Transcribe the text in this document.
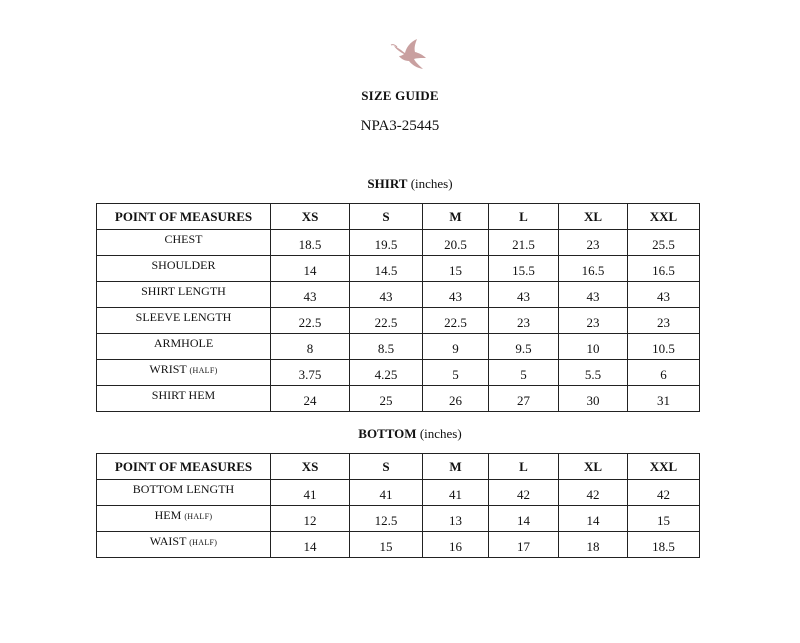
SIZE GUIDE
NPA3-25445
SHIRT (inches)
POINT OF MEASURES	XS	S	M	L	XL	XXL
CHEST	18.5	19.5	20.5	21.5	23	25.5
SHOULDER	14	14.5	15	15.5	16.5	16.5
SHIRT LENGTH	43	43	43	43	43	43
SLEEVE LENGTH	22.5	22.5	22.5	23	23	23
ARMHOLE	8	8.5	9	9.5	10	10.5
WRIST (HALF)	3.75	4.25	5	5	5.5	6
SHIRT HEM	24	25	26	27	30	31
BOTTOM (inches)
POINT OF MEASURES	XS	S	M	L	XL	XXL
BOTTOM LENGTH	41	41	41	42	42	42
HEM (HALF)	12	12.5	13	14	14	15
WAIST (HALF)	14	15	16	17	18	18.5
